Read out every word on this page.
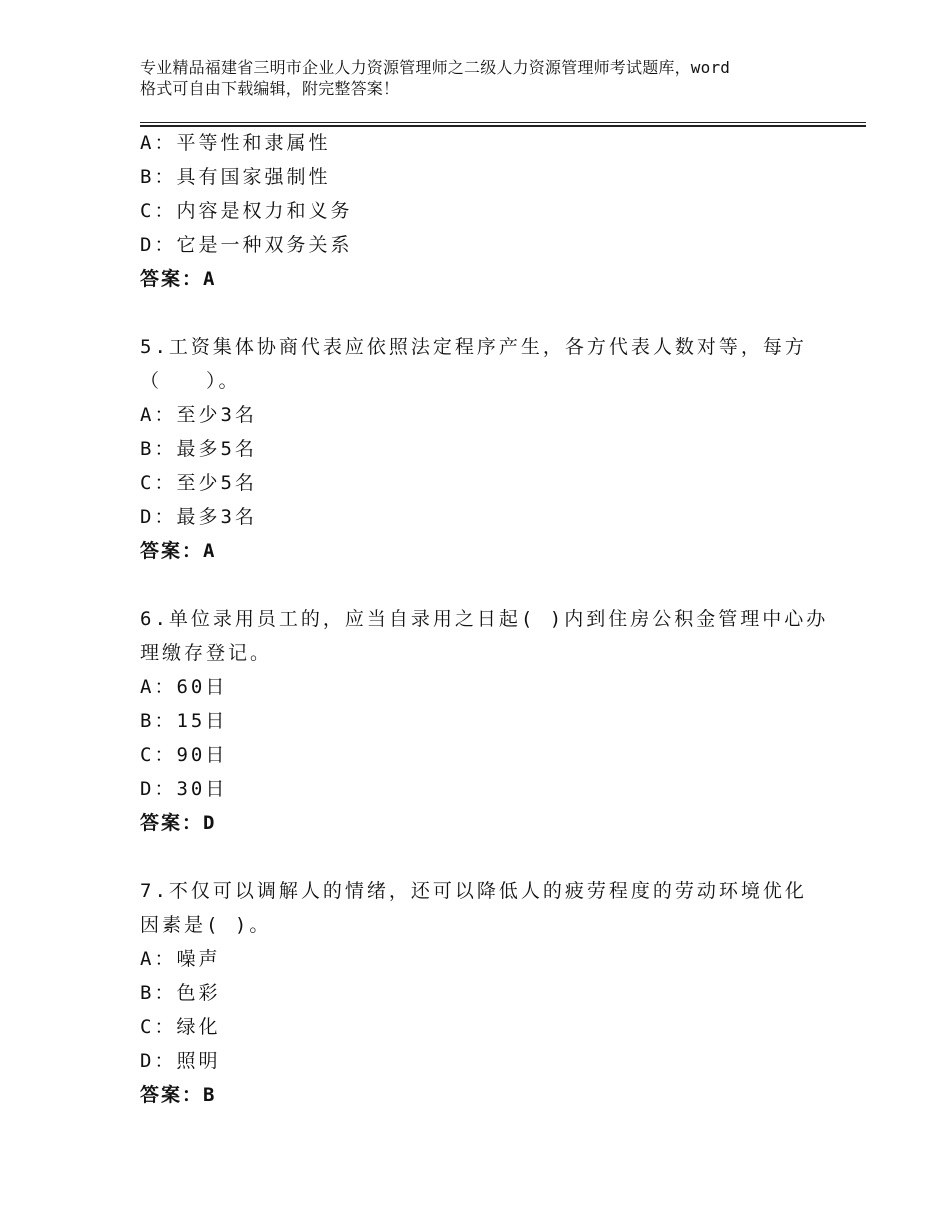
专业精品福建省三明市企业人力资源管理师之二级人力资源管理师考试题库，word
格式可自由下载编辑，附完整答案！
A：平等性和隶属性
B：具有国家强制性
C：内容是权力和义务
D：它是一种双务关系
答案：A
5.工资集体协商代表应依照法定程序产生，各方代表人数对等，每方
（　　）。
A：至少3名
B：最多5名
C：至少5名
D：最多3名
答案：A
6.单位录用员工的，应当自录用之日起( )内到住房公积金管理中心办
理缴存登记。
A：60日
B：15日
C：90日
D：30日
答案：D
7.不仅可以调解人的情绪，还可以降低人的疲劳程度的劳动环境优化
因素是( )。
A：噪声
B：色彩
C：绿化
D：照明
答案：B
